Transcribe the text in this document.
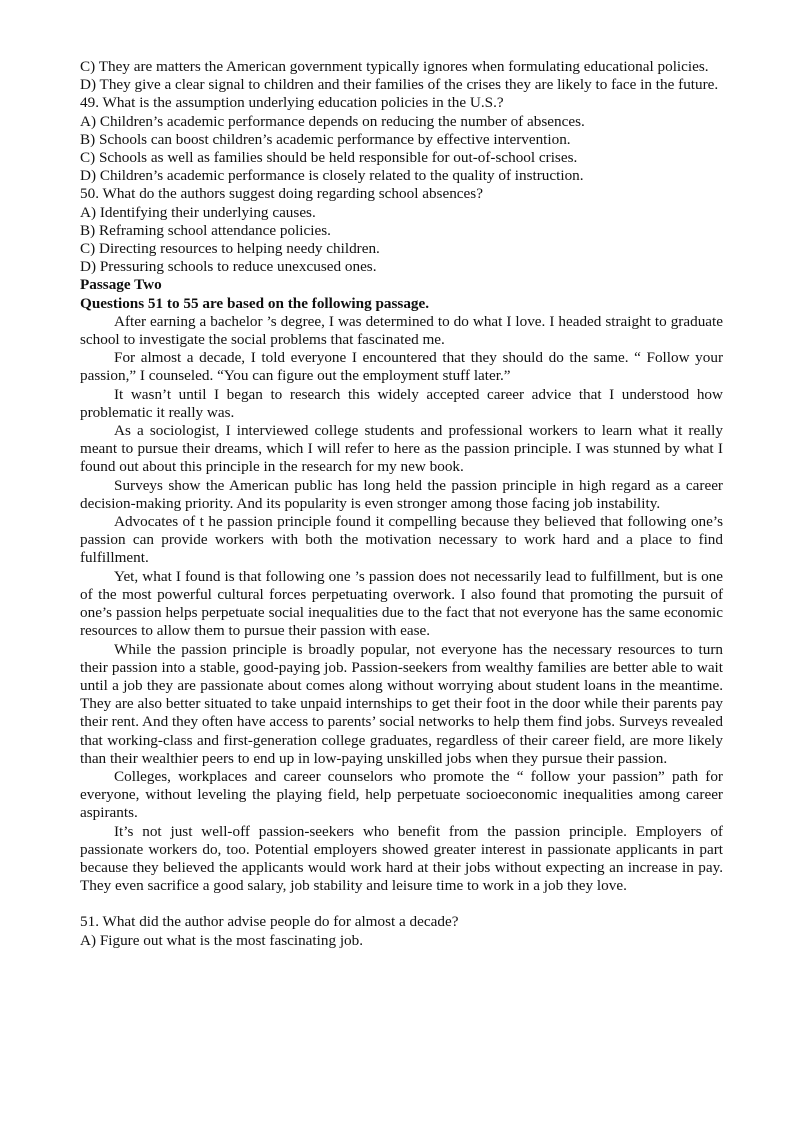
C) They are matters the American government typically ignores when formulating educational policies.

D) They give a clear signal to children and their families of the crises they are likely to face in the future.

49. What is the assumption underlying education policies in the U.S.?

A) Children’s academic performance depends on reducing the number of absences.

B) Schools can boost children’s academic performance by effective intervention.

C) Schools as well as families should be held responsible for out-of-school crises.

D) Children’s academic performance is closely related to the quality of instruction.

50. What do the authors suggest doing regarding school absences?

A) Identifying their underlying causes.

B) Reframing school attendance policies.

C) Directing resources to helping needy children.

D) Pressuring schools to reduce unexcused ones.

Passage Two

Questions 51 to 55 are based on the following passage.

After earning a bachelor ’s degree, I was determined to do what I love. I headed straight to graduate school to investigate the social problems that fascinated me.

For almost a decade, I told everyone I encountered that they should do the same. “ Follow your passion,” I counseled. “You can figure out the employment stuff later.”

It wasn’t until I began to research this widely accepted career advice that I understood how problematic it really was.

As a sociologist, I interviewed college students and professional workers to learn what it really meant to pursue their dreams, which I will refer to here as the passion principle. I was stunned by what I found out about this principle in the research for my new book.

Surveys show the American public has long held the passion principle in high regard as a career decision-making priority. And its popularity is even stronger among those facing job instability.

Advocates of t he passion principle found it compelling because they believed that following one’s passion can provide workers with both the motivation necessary to work hard and a place to find fulfillment.

Yet, what I found is that following one ’s passion does not necessarily lead to fulfillment, but is one of the most powerful cultural forces perpetuating overwork. I also found that promoting the pursuit of one’s passion helps perpetuate social inequalities due to the fact that not everyone has the same economic resources to allow them to pursue their passion with ease.

While the passion principle is broadly popular, not everyone has the necessary resources to turn their passion into a stable, good-paying job. Passion-seekers from wealthy families are better able to wait until a job they are passionate about comes along without worrying about student loans in the meantime. They are also better situated to take unpaid internships to get their foot in the door while their parents pay their rent. And they often have access to parents’ social networks to help them find jobs. Surveys revealed that working-class and first-generation college graduates, regardless of their career field, are more likely than their wealthier peers to end up in low-paying unskilled jobs when they pursue their passion.

Colleges, workplaces and career counselors who promote the “ follow your passion” path for everyone, without leveling the playing field, help perpetuate socioeconomic inequalities among career aspirants.

It’s not just well-off passion-seekers who benefit from the passion principle. Employers of passionate workers do, too. Potential employers showed greater interest in passionate applicants in part because they believed the applicants would work hard at their jobs without expecting an increase in pay. They even sacrifice a good salary, job stability and leisure time to work in a job they love.

51. What did the author advise people do for almost a decade?

A) Figure out what is the most fascinating job.
